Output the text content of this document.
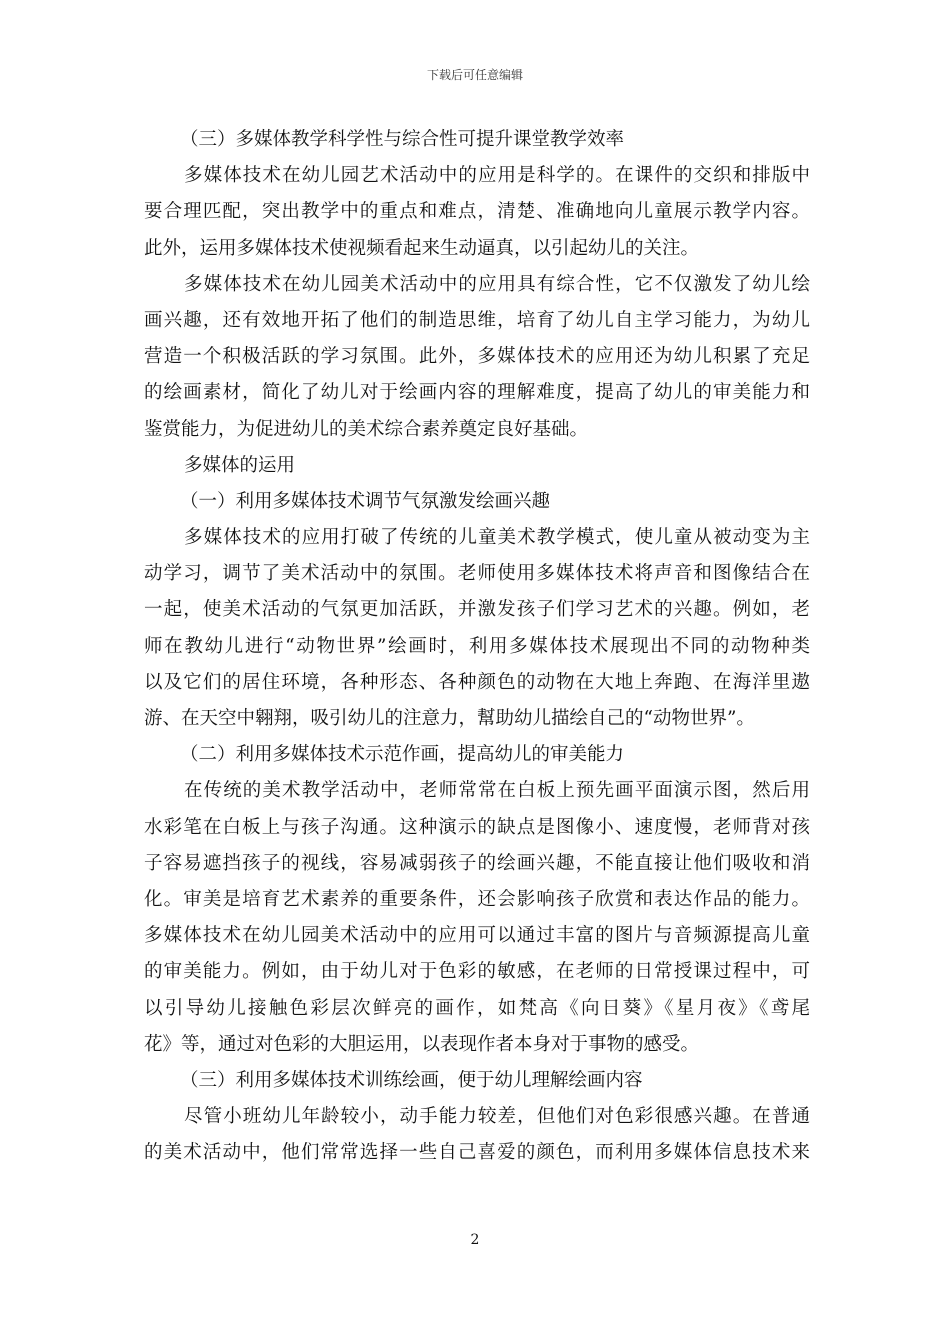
下载后可任意编辑
（三）多媒体教学科学性与综合性可提升课堂教学效率
多媒体技术在幼儿园艺术活动中的应用是科学的。在课件的交织和排版中
要合理匹配，突出教学中的重点和难点，清楚、准确地向儿童展示教学内容。
此外，运用多媒体技术使视频看起来生动逼真，以引起幼儿的关注。
多媒体技术在幼儿园美术活动中的应用具有综合性，它不仅激发了幼儿绘
画兴趣，还有效地开拓了他们的制造思维，培育了幼儿自主学习能力，为幼儿
营造一个积极活跃的学习氛围。此外，多媒体技术的应用还为幼儿积累了充足
的绘画素材，简化了幼儿对于绘画内容的理解难度，提高了幼儿的审美能力和
鉴赏能力，为促进幼儿的美术综合素养奠定良好基础。
多媒体的运用
（一）利用多媒体技术调节气氛激发绘画兴趣
多媒体技术的应用打破了传统的儿童美术教学模式，使儿童从被动变为主
动学习，调节了美术活动中的氛围。老师使用多媒体技术将声音和图像结合在
一起，使美术活动的气氛更加活跃，并激发孩子们学习艺术的兴趣。例如，老
师在教幼儿进行“动物世界”绘画时，利用多媒体技术展现出不同的动物种类
以及它们的居住环境，各种形态、各种颜色的动物在大地上奔跑、在海洋里遨
游、在天空中翱翔，吸引幼儿的注意力，幫助幼儿描绘自己的“动物世界”。
（二）利用多媒体技术示范作画，提高幼儿的审美能力
在传统的美术教学活动中，老师常常在白板上预先画平面演示图，然后用
水彩笔在白板上与孩子沟通。这种演示的缺点是图像小、速度慢，老师背对孩
子容易遮挡孩子的视线，容易减弱孩子的绘画兴趣，不能直接让他们吸收和消
化。审美是培育艺术素养的重要条件，还会影响孩子欣赏和表达作品的能力。
多媒体技术在幼儿园美术活动中的应用可以通过丰富的图片与音频源提高儿童
的审美能力。例如，由于幼儿对于色彩的敏感，在老师的日常授课过程中，可
以引导幼儿接触色彩层次鲜亮的画作，如梵高《向日葵》《星月夜》《鸢尾
花》等，通过对色彩的大胆运用，以表现作者本身对于事物的感受。
（三）利用多媒体技术训练绘画，便于幼儿理解绘画内容
尽管小班幼儿年龄较小，动手能力较差，但他们对色彩很感兴趣。在普通
的美术活动中，他们常常选择一些自己喜爱的颜色，而利用多媒体信息技术来
2
